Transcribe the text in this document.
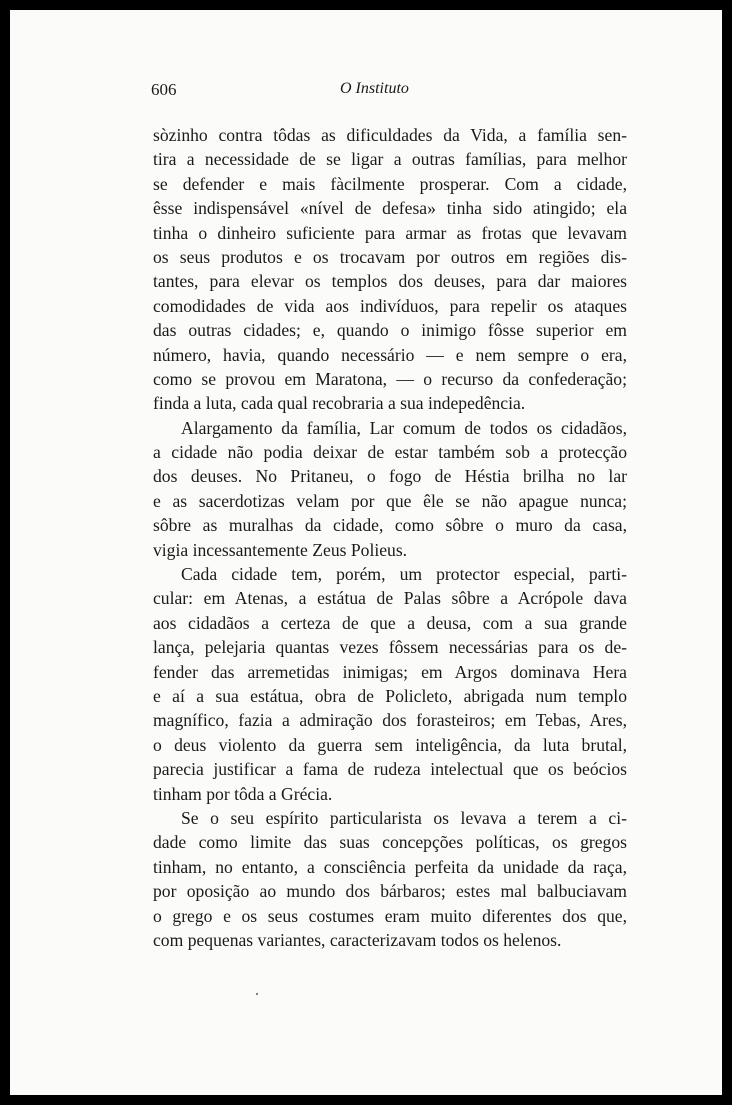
606	O Instituto

sòzinho contra tôdas as dificuldades da Vida, a família sen-
tira a necessidade de se ligar a outras famílias, para melhor
se defender e mais fàcilmente prosperar. Com a cidade,
êsse indispensável «nível de defesa» tinha sido atingido; ela
tinha o dinheiro suficiente para armar as frotas que levavam
os seus produtos e os trocavam por outros em regiões dis-
tantes, para elevar os templos dos deuses, para dar maiores
comodidades de vida aos indivíduos, para repelir os ataques
das outras cidades; e, quando o inimigo fôsse superior em
número, havia, quando necessário — e nem sempre o era,
como se provou em Maratona, — o recurso da confederação;
finda a luta, cada qual recobraria a sua indepedência.

Alargamento da família, Lar comum de todos os cidadãos,
a cidade não podia deixar de estar também sob a protecção
dos deuses. No Pritaneu, o fogo de Héstia brilha no lar
e as sacerdotizas velam por que êle se não apague nunca;
sôbre as muralhas da cidade, como sôbre o muro da casa,
vigia incessantemente Zeus Polieus.

Cada cidade tem, porém, um protector especial, parti-
cular: em Atenas, a estátua de Palas sôbre a Acrópole dava
aos cidadãos a certeza de que a deusa, com a sua grande
lança, pelejaria quantas vezes fôssem necessárias para os de-
fender das arremetidas inimigas; em Argos dominava Hera
e aí a sua estátua, obra de Policleto, abrigada num templo
magnífico, fazia a admiração dos forasteiros; em Tebas, Ares,
o deus violento da guerra sem inteligência, da luta brutal,
parecia justificar a fama de rudeza intelectual que os beócios
tinham por tôda a Grécia.

Se o seu espírito particularista os levava a terem a ci-
dade como limite das suas concepções políticas, os gregos
tinham, no entanto, a consciência perfeita da unidade da raça,
por oposição ao mundo dos bárbaros; estes mal balbuciavam
o grego e os seus costumes eram muito diferentes dos que,
com pequenas variantes, caracterizavam todos os helenos.
